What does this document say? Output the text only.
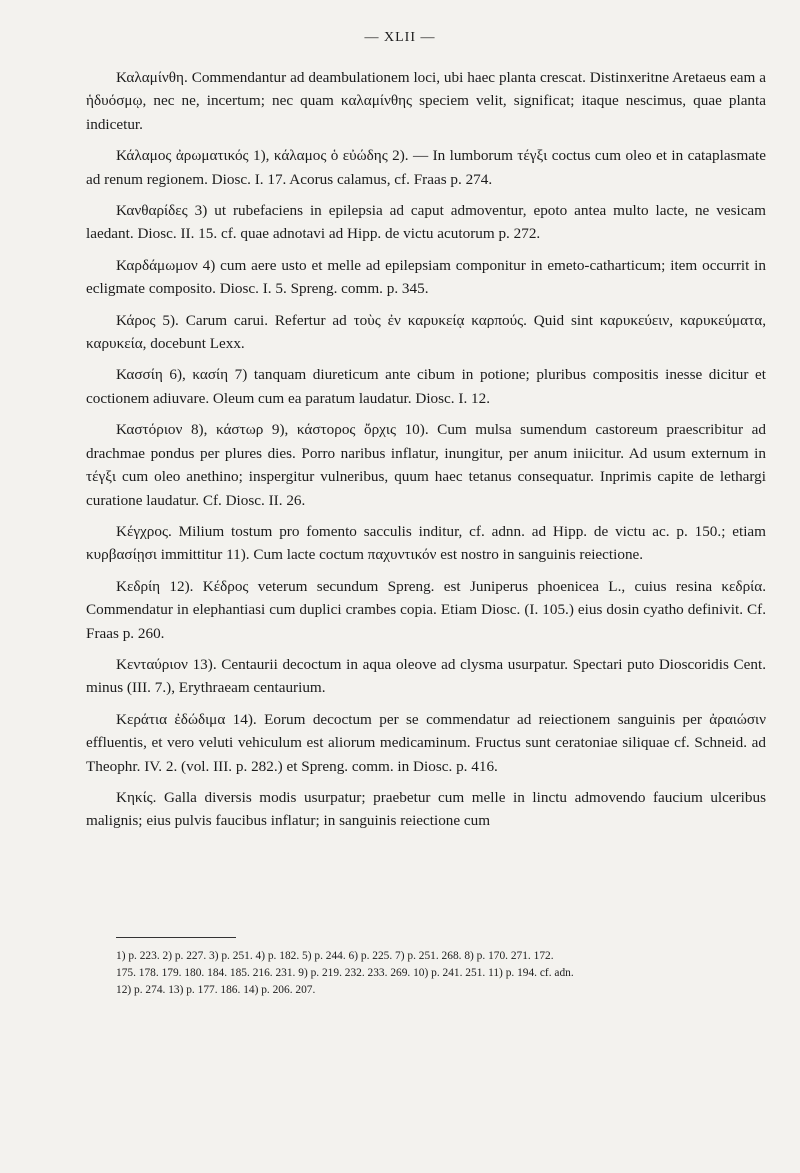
— XLII —

Καλαμίνθη. Commendantur ad deambulationem loci, ubi haec planta crescat. Distinxeritne Aretaeus eam a ἡδυόσμῳ, nec ne, incertum; nec quam καλαμίνθης speciem velit, significat; itaque nescimus, quae planta indicetur.

Κάλαμος ἀρωματικός 1), κάλαμος ὁ εὐώδης 2). — In lumborum τέγξι coctus cum oleo et in cataplasmate ad renum regionem. Diosc. I. 17. Acorus calamus, cf. Fraas p. 274.

Κανθαρίδες 3) ut rubefaciens in epilepsia ad caput admoventur, epoto antea multo lacte, ne vesicam laedant. Diosc. II. 15. cf. quae adnotavi ad Hipp. de victu acutorum p. 272.

Καρδάμωμον 4) cum aere usto et melle ad epilepsiam componitur in emeto-catharticum; item occurrit in ecligmate composito. Diosc. I. 5. Spreng. comm. p. 345.

Κάρος 5). Carum carui. Refertur ad τοὺς ἐν καρυκείᾳ καρπούς. Quid sint καρυκεύειν, καρυκεύματα, καρυκεία, docebunt Lexx.

Κασσίη 6), κασίη 7) tanquam diureticum ante cibum in potione; pluribus compositis inesse dicitur et coctionem adiuvare. Oleum cum ea paratum laudatur. Diosc. I. 12.

Καστόριον 8), κάστωρ 9), κάστορος ὄρχις 10). Cum mulsa sumendum castoreum praescribitur ad drachmae pondus per plures dies. Porro naribus inflatur, inungitur, per anum iniicitur. Ad usum externum in τέγξι cum oleo anethino; inspergitur vulneribus, quum haec tetanus consequatur. Inprimis capite de lethargi curatione laudatur. Cf. Diosc. II. 26.

Κέγχρος. Milium tostum pro fomento sacculis inditur, cf. adnn. ad Hipp. de victu ac. p. 150.; etiam κυρβασίῃσι immittitur 11). Cum lacte coctum παχυντικόν est nostro in sanguinis reiectione.

Κεδρίη 12). Κέδρος veterum secundum Spreng. est Juniperus phoenicea L., cuius resina κεδρία. Commendatur in elephantiasi cum duplici crambes copia. Etiam Diosc. (I. 105.) eius dosin cyatho definivit. Cf. Fraas p. 260.

Κενταύριον 13). Centaurii decoctum in aqua oleove ad clysma usurpatur. Spectari puto Dioscoridis Cent. minus (III. 7.), Erythraeam centaurium.

Κεράτια ἐδώδιμα 14). Eorum decoctum per se commendatur ad reiectionem sanguinis per ἀραιώσιν effluentis, et vero veluti vehiculum est aliorum medicaminum. Fructus sunt ceratoniae siliquae cf. Schneid. ad Theophr. IV. 2. (vol. III. p. 282.) et Spreng. comm. in Diosc. p. 416.

Κηκίς. Galla diversis modis usurpatur; praebetur cum melle in linctu admovendo faucium ulceribus malignis; eius pulvis faucibus inflatur; in sanguinis reiectione cum

1) p. 223. 2) p. 227. 3) p. 251. 4) p. 182. 5) p. 244. 6) p. 225. 7) p. 251. 268. 8) p. 170. 271. 172.
175. 178. 179. 180. 184. 185. 216. 231. 9) p. 219. 232. 233. 269. 10) p. 241. 251. 11) p. 194. cf. adn.
12) p. 274. 13) p. 177. 186. 14) p. 206. 207.
